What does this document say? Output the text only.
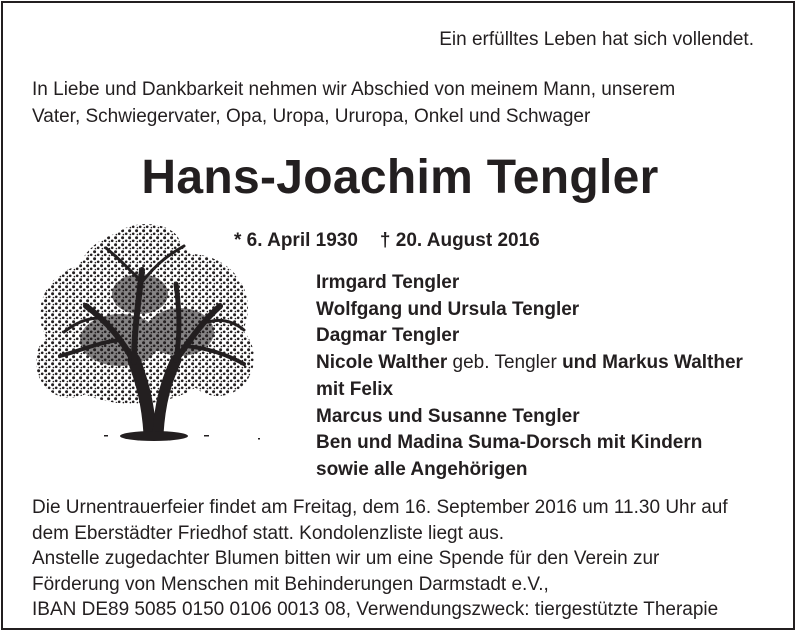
Ein erfülltes Leben hat sich vollendet.
In Liebe und Dankbarkeit nehmen wir Abschied von meinem Mann, unserem
Vater, Schwiegervater, Opa, Uropa, Ururopa, Onkel und Schwager
Hans-Joachim Tengler
* 6. April 1930 † 20. August 2016
Irmgard Tengler
Wolfgang und Ursula Tengler
Dagmar Tengler
Nicole Walther geb. Tengler und Markus Walther
mit Felix
Marcus und Susanne Tengler
Ben und Madina Suma-Dorsch mit Kindern
sowie alle Angehörigen
Die Urnentrauerfeier findet am Freitag, dem 16. September 2016 um 11.30 Uhr auf
dem Eberstädter Friedhof statt. Kondolenzliste liegt aus.
Anstelle zugedachter Blumen bitten wir um eine Spende für den Verein zur
Förderung von Menschen mit Behinderungen Darmstadt e.V.,
IBAN DE89 5085 0150 0106 0013 08, Verwendungszweck: tiergestützte Therapie
